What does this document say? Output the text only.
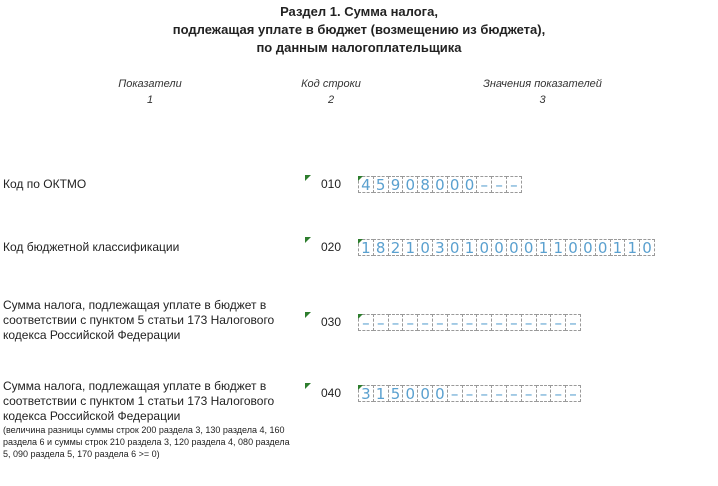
Раздел 1. Сумма налога,
подлежащая уплате в бюджет (возмещению из бюджета),
по данным налогоплательщика
Показатели
1
Код строки
2
Значения показателей
3
Код по ОКТМО	010 4 5 9 0 8 0 0 0 – – –
Код бюджетной классификации	020 1 8 2 1 0 3 0 1 0 0 0 0 1 1 0 0 0 1 1 0
Сумма налога, подлежащая уплате в бюджет в
соответствии с пунктом 5 статьи 173 Налогового
кодекса Российской Федерации
030 – – – – – – – – – – – – – – –
Сумма налога, подлежащая уплате в бюджет в
соответствии с пунктом 1 статьи 173 Налогового
кодекса Российской Федерации
040 3 1 5 0 0 0 – – – – – – – – –
(величина разницы суммы строк 200 раздела 3, 130 раздела 4, 160
раздела 6 и суммы строк 210 раздела 3, 120 раздела 4, 080 раздела
5, 090 раздела 5, 170 раздела 6 >= 0)
